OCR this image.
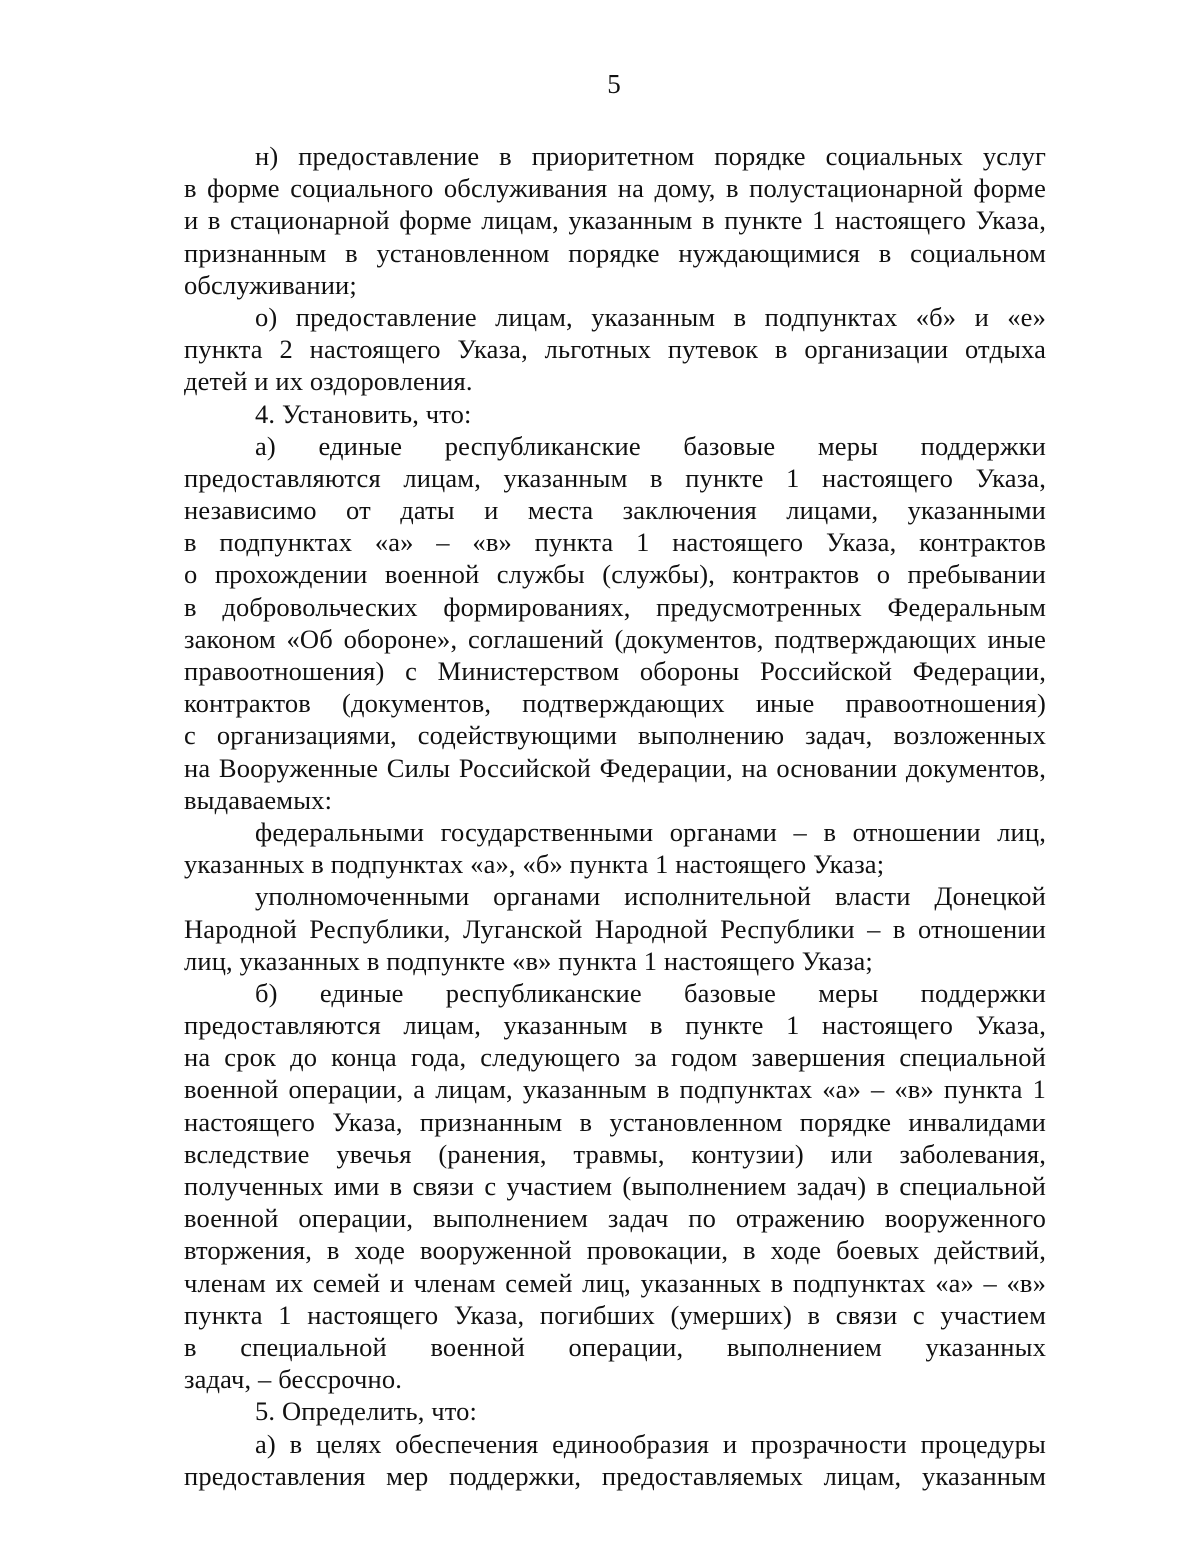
5
н) предоставление в приоритетном порядке социальных услуг
в форме социального обслуживания на дому, в полустационарной форме
и в стационарной форме лицам, указанным в пункте 1 настоящего Указа,
признанным в установленном порядке нуждающимися в социальном
обслуживании;
о) предоставление лицам, указанным в подпунктах «б» и «е»
пункта 2 настоящего Указа, льготных путевок в организации отдыха
детей и их оздоровления.
4. Установить, что:
а) единые республиканские базовые меры поддержки
предоставляются лицам, указанным в пункте 1 настоящего Указа,
независимо от даты и места заключения лицами, указанными
в подпунктах «а» – «в» пункта 1 настоящего Указа, контрактов
о прохождении военной службы (службы), контрактов о пребывании
в добровольческих формированиях, предусмотренных Федеральным
законом «Об обороне», соглашений (документов, подтверждающих иные
правоотношения) с Министерством обороны Российской Федерации,
контрактов (документов, подтверждающих иные правоотношения)
с организациями, содействующими выполнению задач, возложенных
на Вооруженные Силы Российской Федерации, на основании документов,
выдаваемых:
федеральными государственными органами – в отношении лиц,
указанных в подпунктах «а», «б» пункта 1 настоящего Указа;
уполномоченными органами исполнительной власти Донецкой
Народной Республики, Луганской Народной Республики – в отношении
лиц, указанных в подпункте «в» пункта 1 настоящего Указа;
б) единые республиканские базовые меры поддержки
предоставляются лицам, указанным в пункте 1 настоящего Указа,
на срок до конца года, следующего за годом завершения специальной
военной операции, а лицам, указанным в подпунктах «а» – «в» пункта 1
настоящего Указа, признанным в установленном порядке инвалидами
вследствие увечья (ранения, травмы, контузии) или заболевания,
полученных ими в связи с участием (выполнением задач) в специальной
военной операции, выполнением задач по отражению вооруженного
вторжения, в ходе вооруженной провокации, в ходе боевых действий,
членам их семей и членам семей лиц, указанных в подпунктах «а» – «в»
пункта 1 настоящего Указа, погибших (умерших) в связи с участием
в специальной военной операции, выполнением указанных
задач, – бессрочно.
5. Определить, что:
а) в целях обеспечения единообразия и прозрачности процедуры
предоставления мер поддержки, предоставляемых лицам, указанным
